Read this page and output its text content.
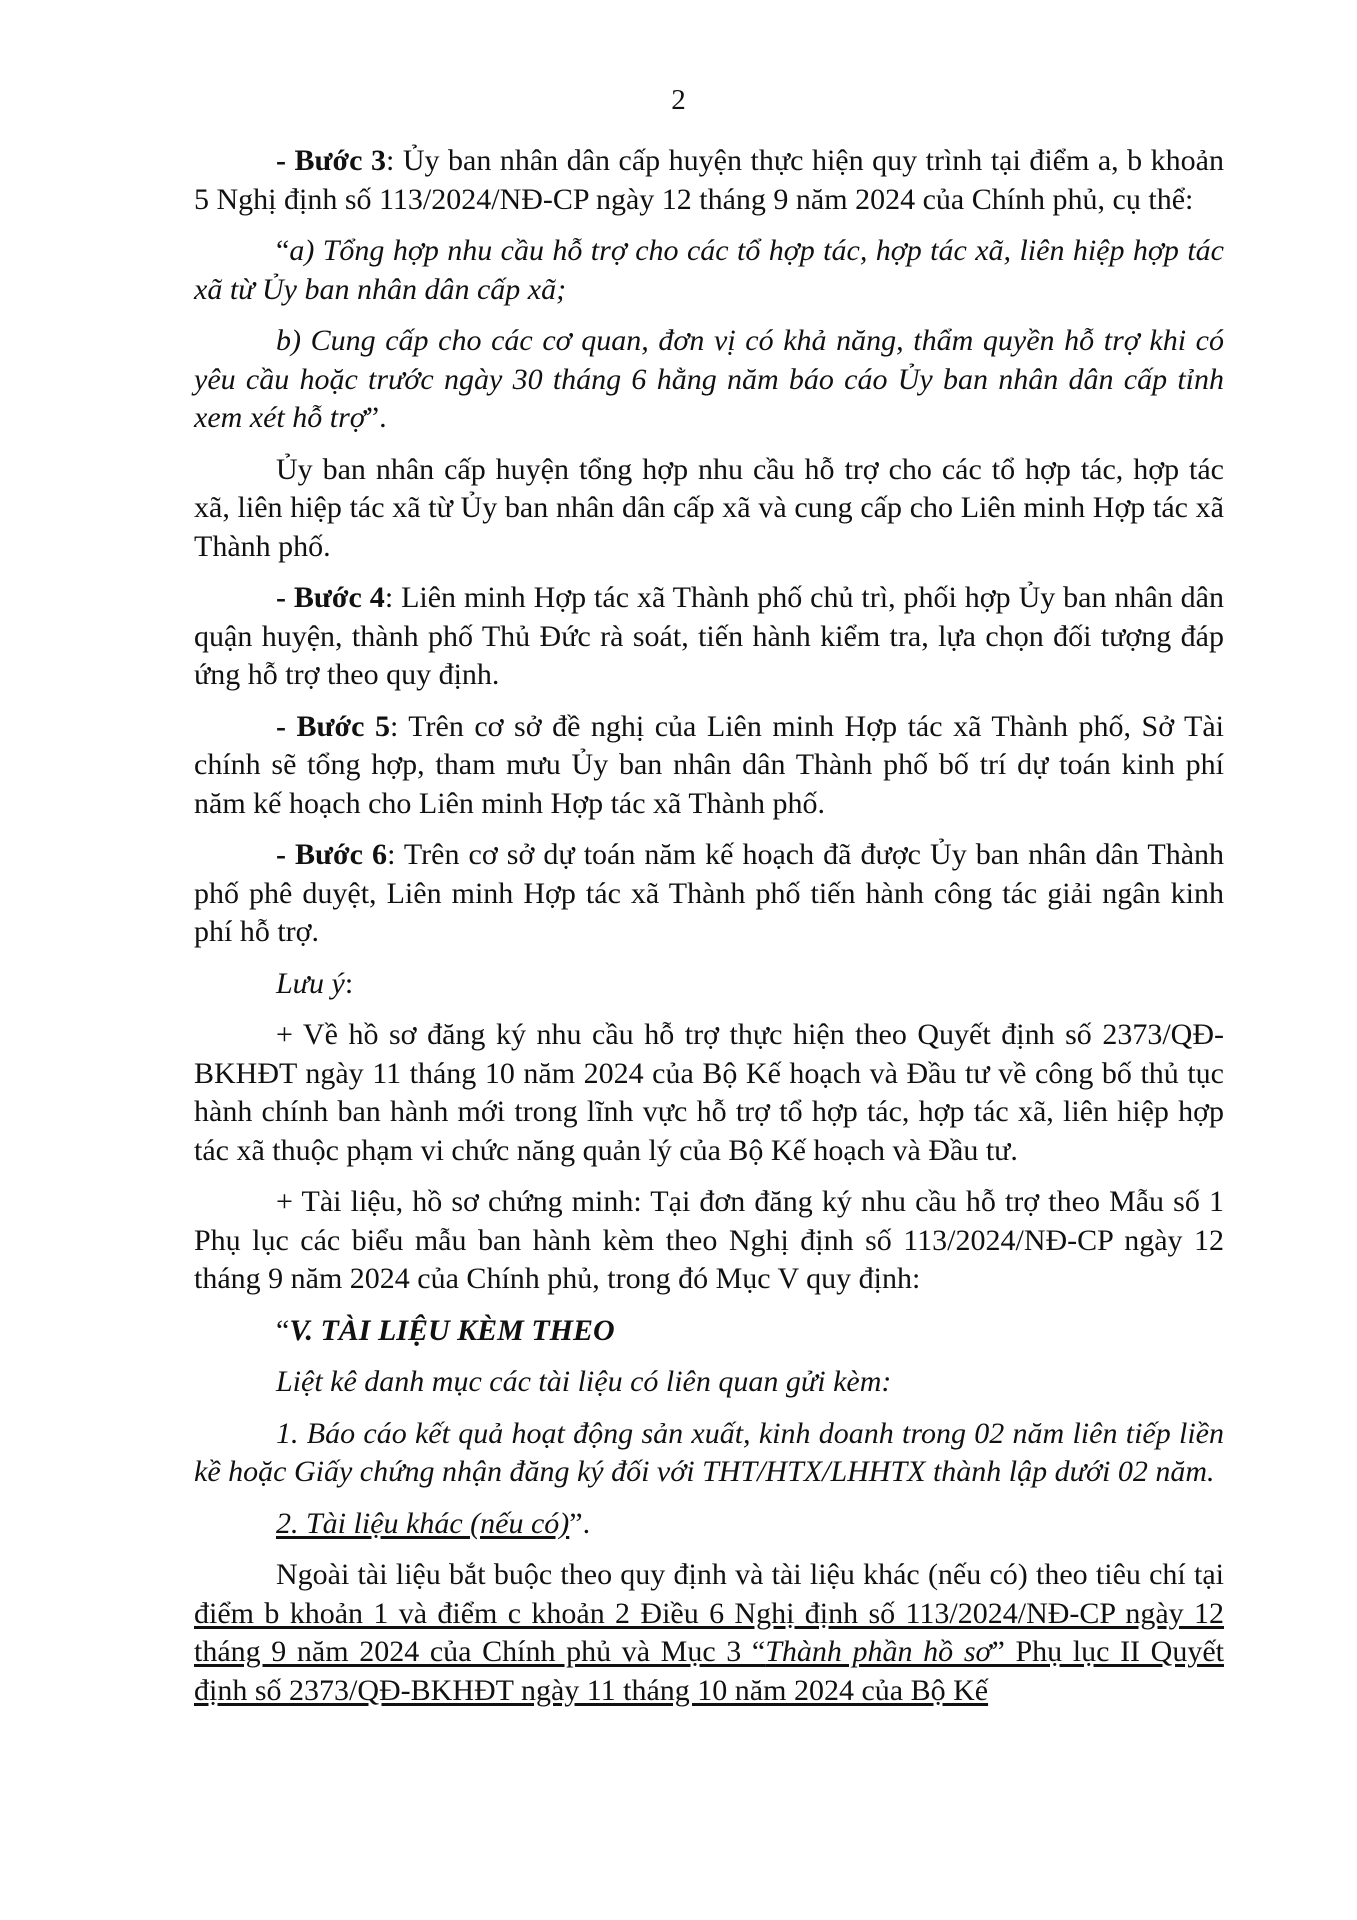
2

- Bước 3: Ủy ban nhân dân cấp huyện thực hiện quy trình tại điểm a, b khoản 5 Nghị định số 113/2024/NĐ-CP ngày 12 tháng 9 năm 2024 của Chính phủ, cụ thể:

“a) Tổng hợp nhu cầu hỗ trợ cho các tổ hợp tác, hợp tác xã, liên hiệp hợp tác xã từ Ủy ban nhân dân cấp xã;

b) Cung cấp cho các cơ quan, đơn vị có khả năng, thẩm quyền hỗ trợ khi có yêu cầu hoặc trước ngày 30 tháng 6 hằng năm báo cáo Ủy ban nhân dân cấp tỉnh xem xét hỗ trợ”.

Ủy ban nhân cấp huyện tổng hợp nhu cầu hỗ trợ cho các tổ hợp tác, hợp tác xã, liên hiệp tác xã từ Ủy ban nhân dân cấp xã và cung cấp cho Liên minh Hợp tác xã Thành phố.

- Bước 4: Liên minh Hợp tác xã Thành phố chủ trì, phối hợp Ủy ban nhân dân quận huyện, thành phố Thủ Đức rà soát, tiến hành kiểm tra, lựa chọn đối tượng đáp ứng hỗ trợ theo quy định.

- Bước 5: Trên cơ sở đề nghị của Liên minh Hợp tác xã Thành phố, Sở Tài chính sẽ tổng hợp, tham mưu Ủy ban nhân dân Thành phố bố trí dự toán kinh phí năm kế hoạch cho Liên minh Hợp tác xã Thành phố.

- Bước 6: Trên cơ sở dự toán năm kế hoạch đã được Ủy ban nhân dân Thành phố phê duyệt, Liên minh Hợp tác xã Thành phố tiến hành công tác giải ngân kinh phí hỗ trợ.

Lưu ý:

+ Về hồ sơ đăng ký nhu cầu hỗ trợ thực hiện theo Quyết định số 2373/QĐ-BKHĐT ngày 11 tháng 10 năm 2024 của Bộ Kế hoạch và Đầu tư về công bố thủ tục hành chính ban hành mới trong lĩnh vực hỗ trợ tổ hợp tác, hợp tác xã, liên hiệp hợp tác xã thuộc phạm vi chức năng quản lý của Bộ Kế hoạch và Đầu tư.

+ Tài liệu, hồ sơ chứng minh: Tại đơn đăng ký nhu cầu hỗ trợ theo Mẫu số 1 Phụ lục các biểu mẫu ban hành kèm theo Nghị định số 113/2024/NĐ-CP ngày 12 tháng 9 năm 2024 của Chính phủ, trong đó Mục V quy định:

“V. TÀI LIỆU KÈM THEO

Liệt kê danh mục các tài liệu có liên quan gửi kèm:

1. Báo cáo kết quả hoạt động sản xuất, kinh doanh trong 02 năm liên tiếp liền kề hoặc Giấy chứng nhận đăng ký đối với THT/HTX/LHHTX thành lập dưới 02 năm.

2. Tài liệu khác (nếu có)”.

Ngoài tài liệu bắt buộc theo quy định và tài liệu khác (nếu có) theo tiêu chí tại điểm b khoản 1 và điểm c khoản 2 Điều 6 Nghị định số 113/2024/NĐ-CP ngày 12 tháng 9 năm 2024 của Chính phủ và Mục 3 “Thành phần hồ sơ” Phụ lục II Quyết định số 2373/QĐ-BKHĐT ngày 11 tháng 10 năm 2024 của Bộ Kế
